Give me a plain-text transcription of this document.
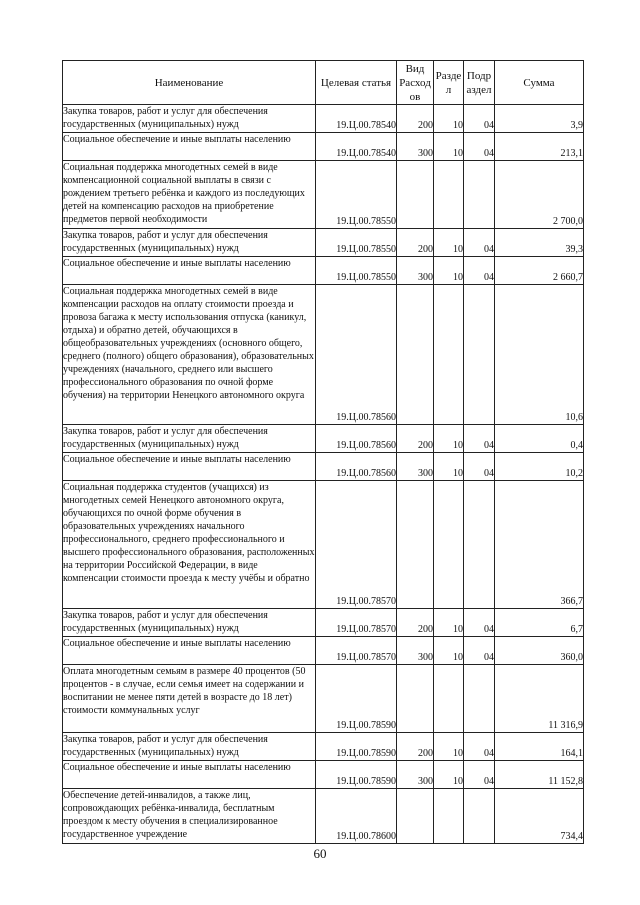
Наименование	Целевая статья	Вид Расход ов	Разде л	Подр аздел	Сумма
Закупка товаров, работ и услуг для обеспечения государственных (муниципальных) нужд	19.Ц.00.78540	200	10	04	3,9
Социальное обеспечение и иные выплаты населению	19.Ц.00.78540	300	10	04	213,1
Социальная поддержка многодетных семей в виде компенсационной социальной выплаты в связи с рождением третьего ребёнка и каждого из последующих детей на компенсацию расходов на приобретение предметов первой необходимости	19.Ц.00.78550				2 700,0
Закупка товаров, работ и услуг для обеспечения государственных (муниципальных) нужд	19.Ц.00.78550	200	10	04	39,3
Социальное обеспечение и иные выплаты населению	19.Ц.00.78550	300	10	04	2 660,7
Социальная поддержка многодетных семей в виде компенсации расходов на оплату стоимости проезда и провоза багажа к месту использования отпуска (каникул, отдыха) и обратно детей, обучающихся в общеобразовательных учреждениях (основного общего, среднего (полного) общего образования), образовательных учреждениях (начального, среднего или высшего профессионального образования по очной форме обучения) на территории Ненецкого автономного округа	19.Ц.00.78560				10,6
Закупка товаров, работ и услуг для обеспечения государственных (муниципальных) нужд	19.Ц.00.78560	200	10	04	0,4
Социальное обеспечение и иные выплаты населению	19.Ц.00.78560	300	10	04	10,2
Социальная поддержка студентов (учащихся) из многодетных семей Ненецкого автономного округа, обучающихся по очной форме обучения в образовательных учреждениях начального профессионального, среднего профессионального и высшего профессионального образования, расположенных на территории Российской Федерации, в виде компенсации стоимости проезда к месту учёбы и обратно	19.Ц.00.78570				366,7
Закупка товаров, работ и услуг для обеспечения государственных (муниципальных) нужд	19.Ц.00.78570	200	10	04	6,7
Социальное обеспечение и иные выплаты населению	19.Ц.00.78570	300	10	04	360,0
Оплата многодетным семьям в размере 40 процентов (50 процентов - в случае, если семья имеет на содержании и воспитании не менее пяти детей в возрасте до 18 лет) стоимости коммунальных услуг	19.Ц.00.78590				11 316,9
Закупка товаров, работ и услуг для обеспечения государственных (муниципальных) нужд	19.Ц.00.78590	200	10	04	164,1
Социальное обеспечение и иные выплаты населению	19.Ц.00.78590	300	10	04	11 152,8
Обеспечение детей-инвалидов, а также лиц, сопровождающих ребёнка-инвалида, бесплатным проездом к месту обучения в специализированное государственное учреждение	19.Ц.00.78600				734,4
60
